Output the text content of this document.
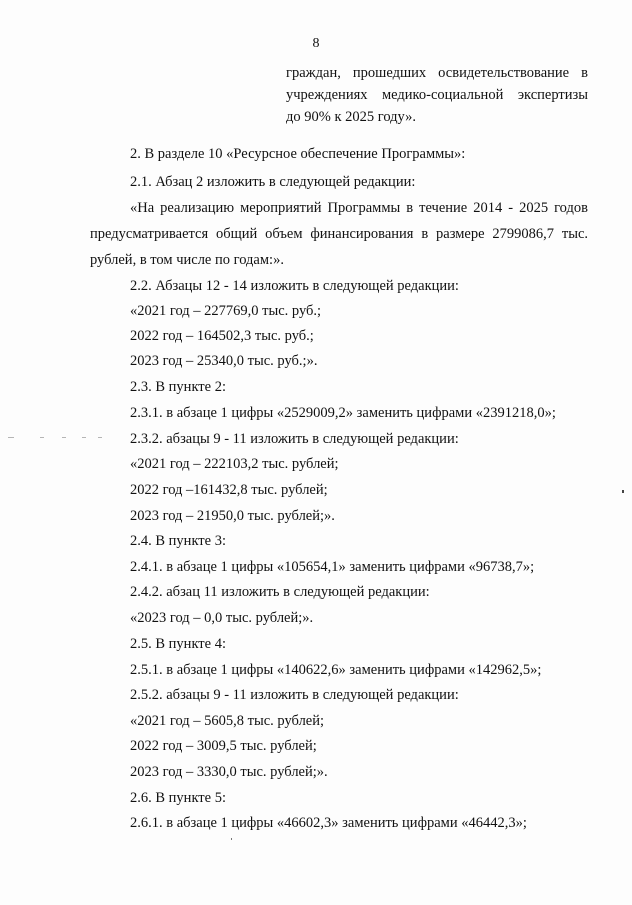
8
граждан, прошедших освидетельствование в
учреждениях медико-социальной экспертизы
до 90% к 2025 году».
2. В разделе 10 «Ресурсное обеспечение Программы»:
2.1. Абзац 2 изложить в следующей редакции:
«На реализацию мероприятий Программы в течение 2014 - 2025 годов
предусматривается общий объем финансирования в размере 2799086,7 тыс.
рублей, в том числе по годам:».
2.2. Абзацы 12 - 14 изложить в следующей редакции:
«2021 год – 227769,0 тыс. руб.;
2022 год – 164502,3 тыс. руб.;
2023 год – 25340,0 тыс. руб.;».
2.3. В пункте 2:
2.3.1. в абзаце 1 цифры «2529009,2» заменить цифрами «2391218,0»;
2.3.2. абзацы 9 - 11 изложить в следующей редакции:
«2021 год – 222103,2 тыс. рублей;
2022 год –161432,8 тыс. рублей;
2023 год – 21950,0 тыс. рублей;».
2.4. В пункте 3:
2.4.1. в абзаце 1 цифры «105654,1» заменить цифрами «96738,7»;
2.4.2. абзац 11 изложить в следующей редакции:
«2023 год – 0,0 тыс. рублей;».
2.5. В пункте 4:
2.5.1. в абзаце 1 цифры «140622,6» заменить цифрами «142962,5»;
2.5.2. абзацы 9 - 11 изложить в следующей редакции:
«2021 год – 5605,8 тыс. рублей;
2022 год – 3009,5 тыс. рублей;
2023 год – 3330,0 тыс. рублей;».
2.6. В пункте 5:
2.6.1. в абзаце 1 цифры «46602,3» заменить цифрами «46442,3»;
